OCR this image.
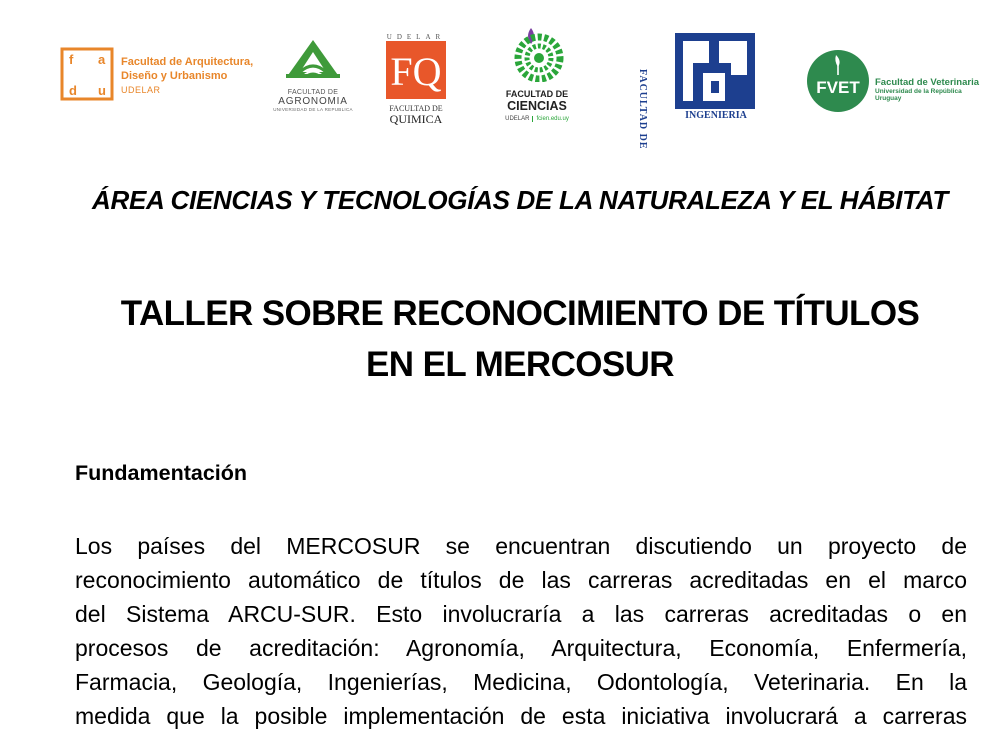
f a
d u
Facultad de Arquitectura,
Diseño y Urbanismo
UDELAR	FACULTAD DE
AGRONOMIA
UNIVERSIDAD DE LA REPUBLICA
UDELAR
FQ
FACULTAD DE
QUIMICA
FACULTAD DE
CIENCIAS
UDELAR	fcien.edu.uy	FACULTAD DE	INGENIERIA
FVET Facultad de Veterinaria
Universidad de la República
Uruguay
ÁREA CIENCIAS Y TECNOLOGÍAS DE LA NATURALEZA Y EL HÁBITAT
TALLER SOBRE RECONOCIMIENTO DE TÍTULOS
EN EL MERCOSUR
Fundamentación

Los países del MERCOSUR se encuentran discutiendo un proyecto de
reconocimiento automático de títulos de las carreras acreditadas en el marco
del Sistema ARCU-SUR. Esto involucraría a las carreras acreditadas o en
procesos de acreditación: Agronomía, Arquitectura, Economía, Enfermería,
Farmacia, Geología, Ingenierías, Medicina, Odontología, Veterinaria. En la
medida que la posible implementación de esta iniciativa involucrará a carreras
